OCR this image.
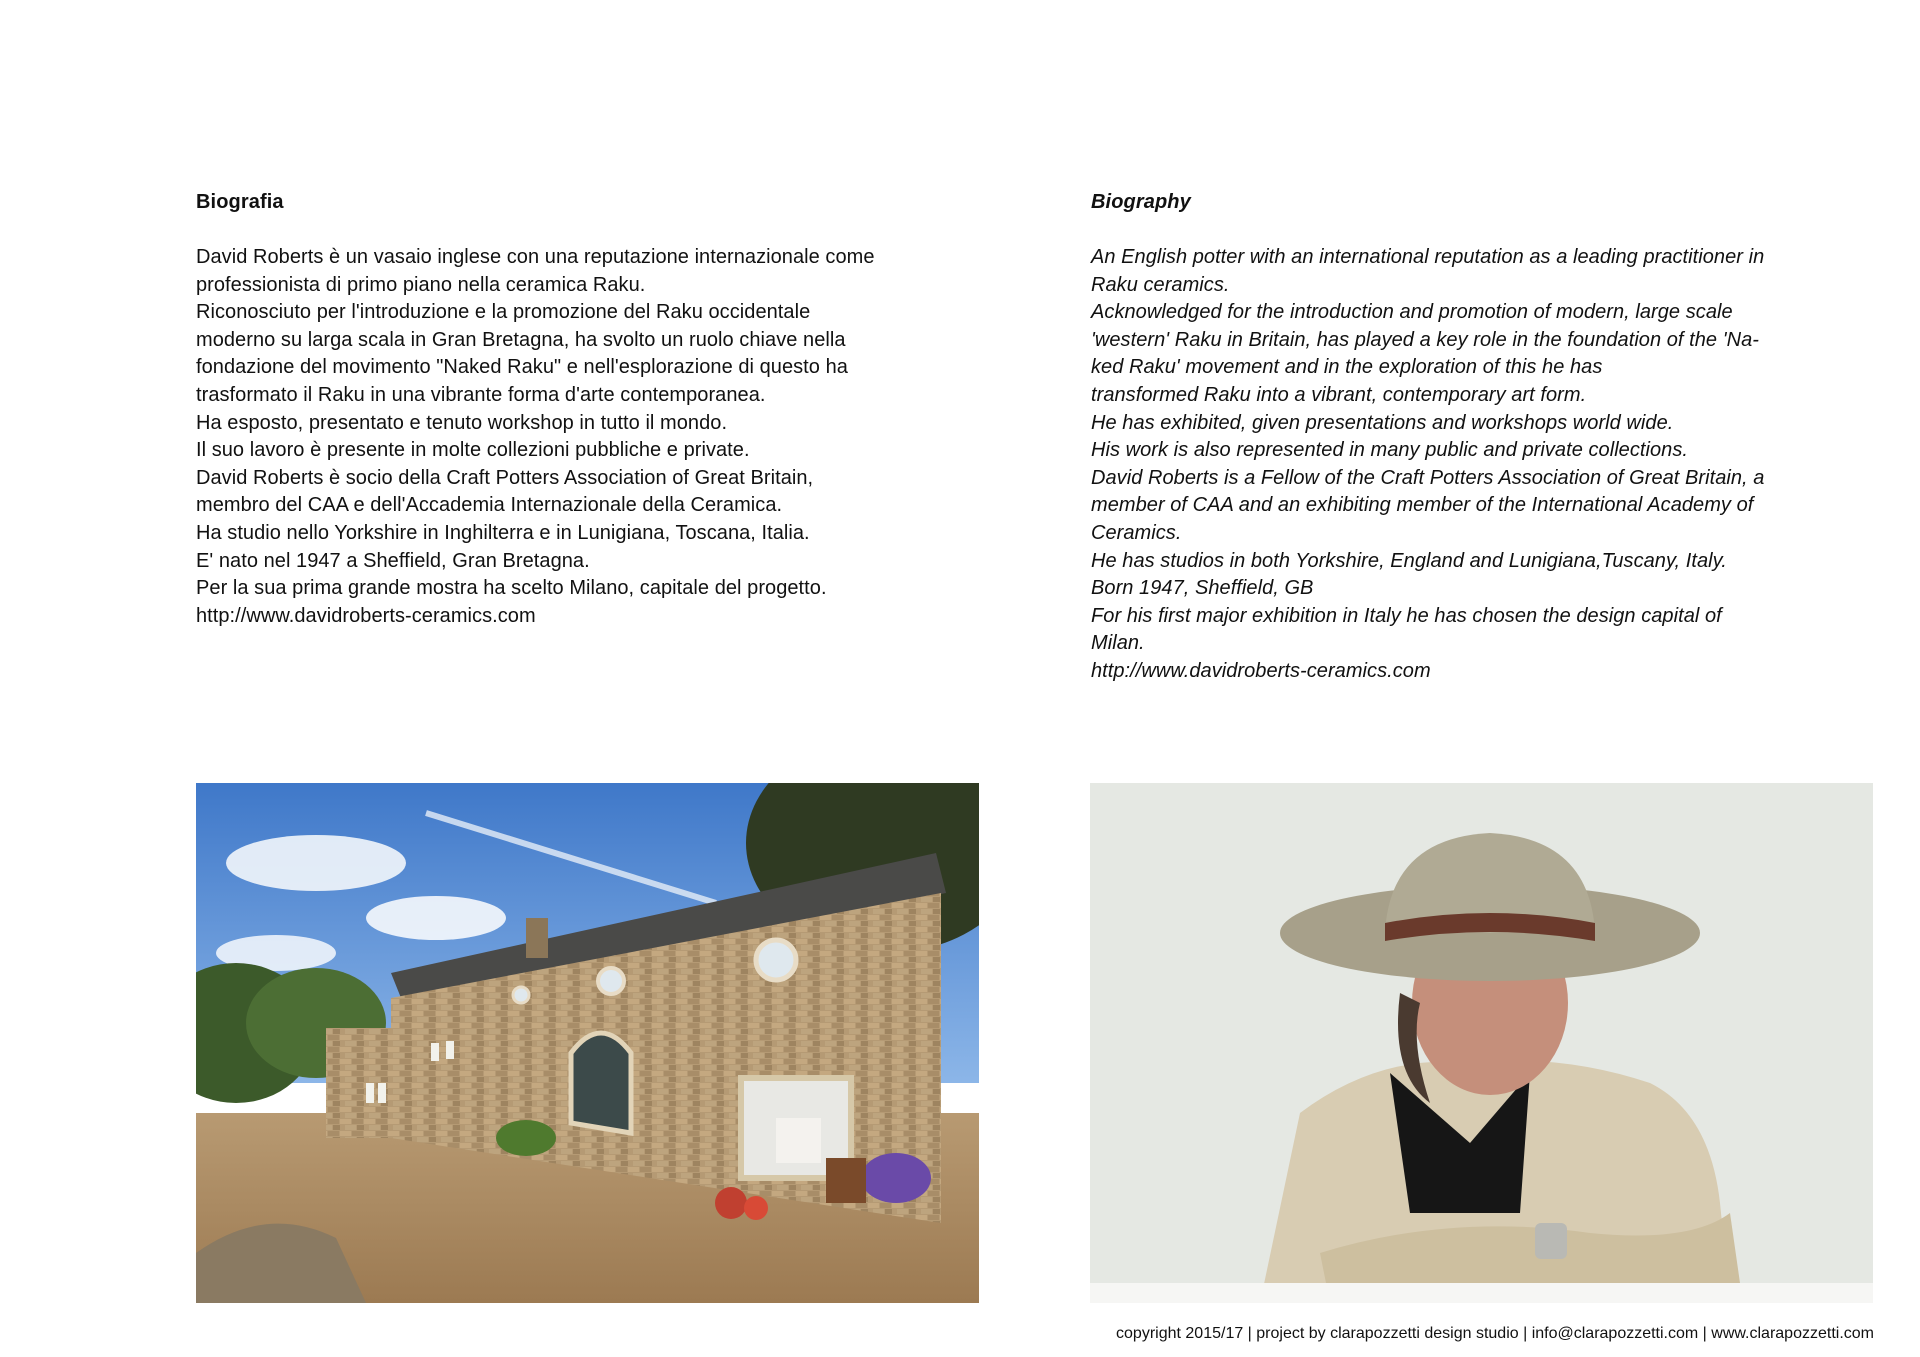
Biografia
David Roberts è un vasaio inglese con una reputazione internazionale come
professionista di primo piano nella ceramica Raku.
Riconosciuto per l'introduzione e la promozione del Raku occidentale
moderno su larga scala in Gran Bretagna, ha svolto un ruolo chiave nella
fondazione del movimento "Naked Raku" e nell'esplorazione di questo ha
trasformato il Raku in una vibrante forma d'arte contemporanea.
Ha esposto, presentato e tenuto workshop in tutto il mondo.
Il suo lavoro è presente in molte collezioni pubbliche e private.
David Roberts è socio della Craft Potters Association of Great Britain,
membro del CAA e dell'Accademia Internazionale della Ceramica.
Ha studio nello Yorkshire in Inghilterra e in Lunigiana, Toscana, Italia.
E' nato nel 1947 a Sheffield, Gran Bretagna.
Per la sua prima grande mostra ha scelto Milano, capitale del progetto.
http://www.davidroberts-ceramics.com
Biography
An English potter with an international reputation as a leading practitioner in
Raku ceramics.
Acknowledged for the introduction and promotion of modern, large scale
'western' Raku in Britain, has played a key role in the foundation of the 'Na-
ked Raku' movement and in the exploration of this he has
transformed Raku into a vibrant, contemporary art form.
He has exhibited, given presentations and workshops world wide.
His work is also represented in many public and private collections.
David Roberts is a Fellow of the Craft Potters Association of Great Britain, a
member of CAA and an exhibiting member of the International Academy of
Ceramics.
He has studios in both Yorkshire, England and Lunigiana,Tuscany, Italy.
Born 1947, Sheffield, GB
For his first major exhibition in Italy he has chosen the design capital of
Milan.
http://www.davidroberts-ceramics.com
copyright 2015/17 | project by clarapozzetti design studio | info@clarapozzetti.com | www.clarapozzetti.com
